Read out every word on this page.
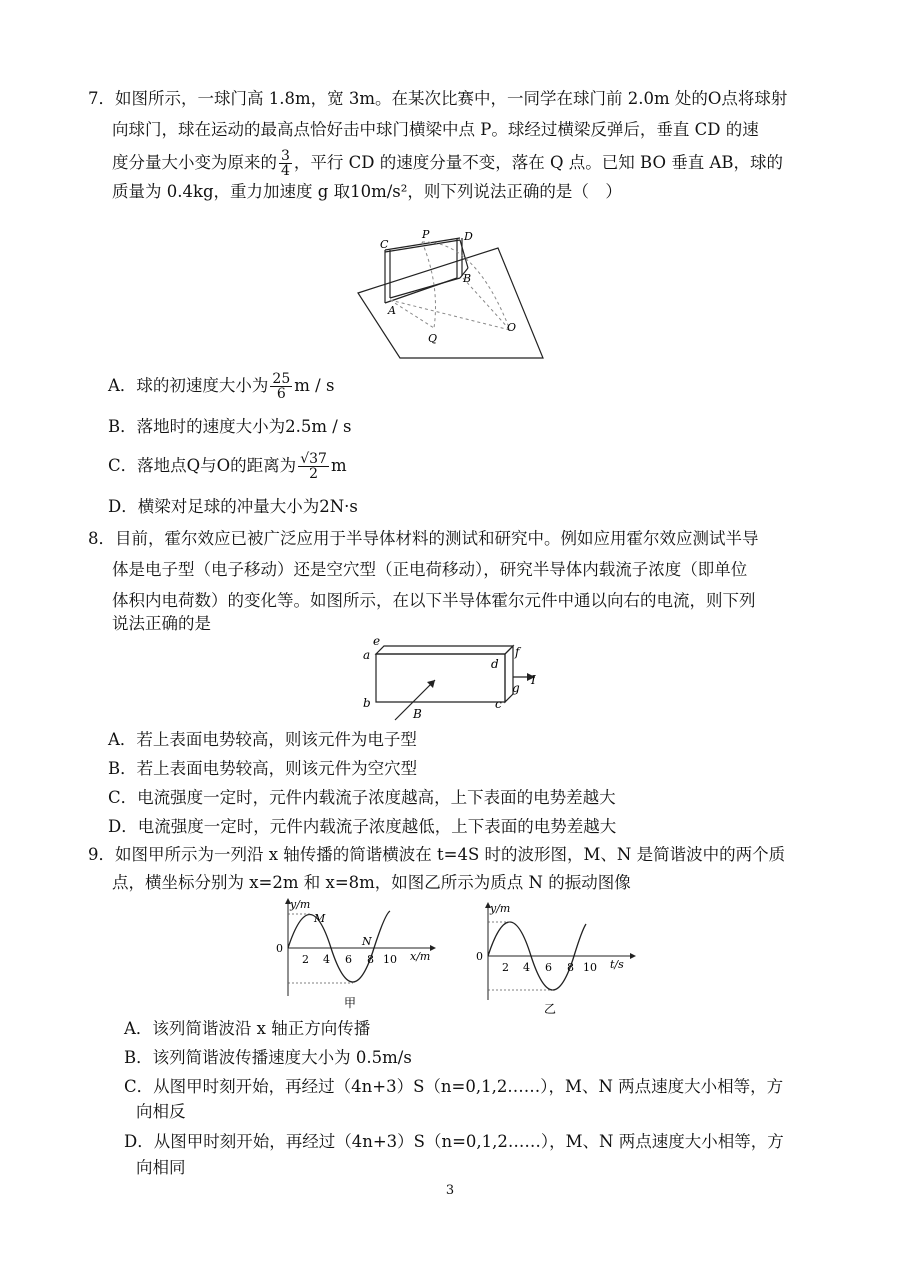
7．如图所示，一球门高 1.8m，宽 3m。在某次比赛中，一同学在球门前 2.0m 处的O点将球射
向球门，球在运动的最高点恰好击中球门横梁中点 P。球经过横梁反弹后，垂直 CD 的速
度分量大小变为原来的 $\frac{3}{4}$ ，平行 CD 的速度分量不变，落在 Q 点。已知 BO 垂直 AB，球的
质量为 0.4kg，重力加速度 g 取10m/s²，则下列说法正确的是（　）
C
P	D
B
A
Q
O
A．球的初速度大小为 $\frac{25}{6}$ m / s
B．落地时的速度大小为2.5m / s
C．落地点Q与O的距离为 $\frac{√37}{2}$ m
D．横梁对足球的冲量大小为2N·s
8．目前，霍尔效应已被广泛应用于半导体材料的测试和研究中。例如应用霍尔效应测试半导
体是电子型（电子移动）还是空穴型（正电荷移动），研究半导体内载流子浓度（即单位
体积内电荷数）的变化等。如图所示，在以下半导体霍尔元件中通以向右的电流，则下列
说法正确的是
e
a	f
d
I
g
b	c
B
A．若上表面电势较高，则该元件为电子型
B．若上表面电势较高，则该元件为空穴型
C．电流强度一定时，元件内载流子浓度越高，上下表面的电势差越大
D．电流强度一定时，元件内载流子浓度越低，上下表面的电势差越大
9．如图甲所示为一列沿 x 轴传播的简谐横波在 t=4S 时的波形图，M、N 是简谐波中的两个质
点，横坐标分别为 x=2m 和 x=8m，如图乙所示为质点 N 的振动图像
0
2 4 6 8 10
y/m
x/m
M
N
甲
0
2 4 6 8 10
y/m
t/s
乙
A．该列简谐波沿 x 轴正方向传播
B．该列简谐波传播速度大小为 0.5m/s
C．从图甲时刻开始，再经过（4n+3）S（n=0,1,2……），M、N 两点速度大小相等，方
向相反
D．从图甲时刻开始，再经过（4n+3）S（n=0,1,2……），M、N 两点速度大小相等，方
向相同
3
